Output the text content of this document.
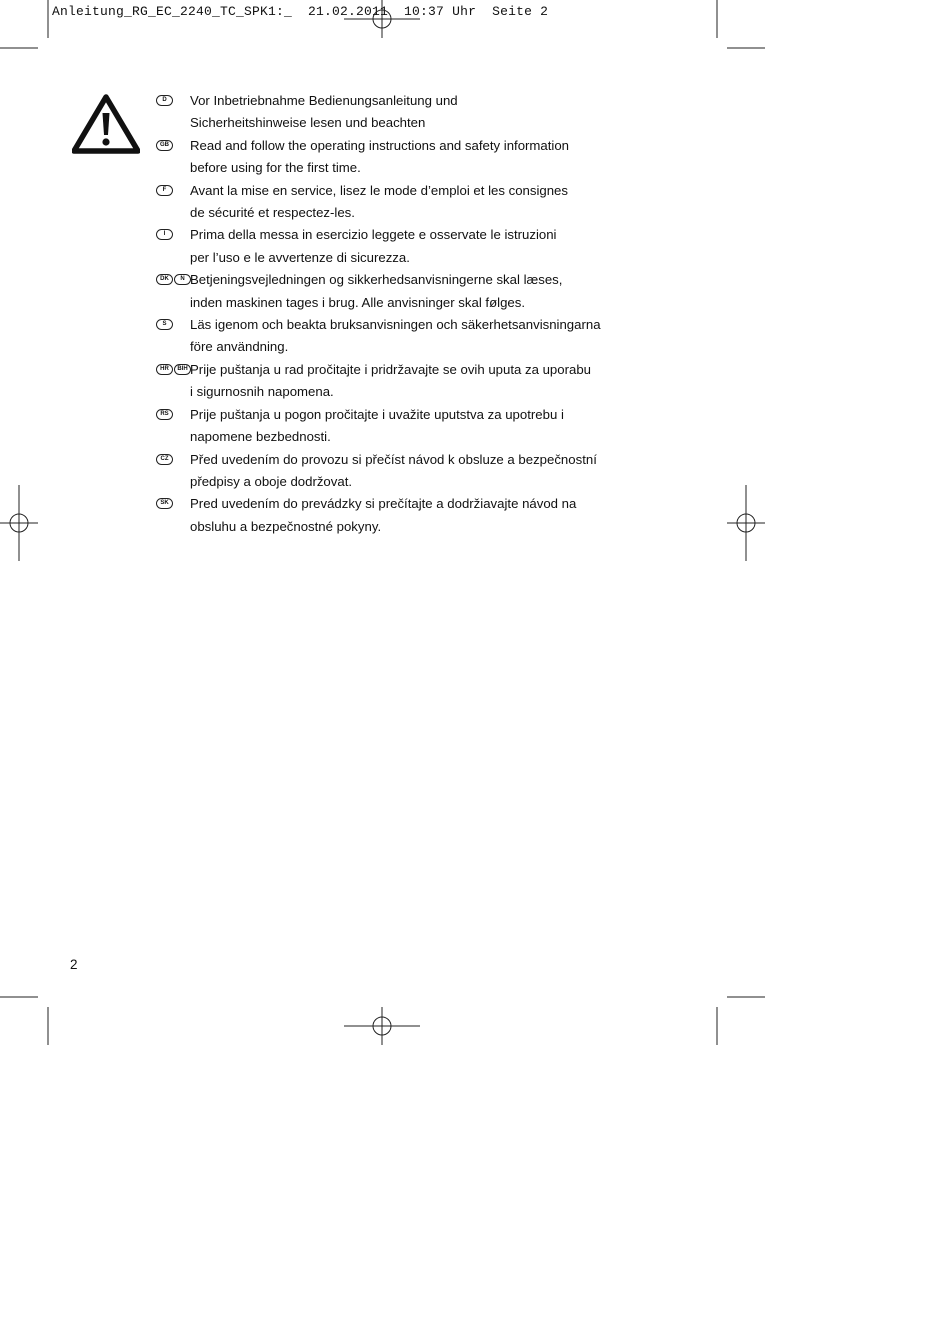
Anleitung_RG_EC_2240_TC_SPK1:_  21.02.2011  10:37 Uhr  Seite 2
D	Vor Inbetriebnahme Bedienungsanleitung und
Sicherheitshinweise lesen und beachten
GB	Read and follow the operating instructions and safety information
before using for the first time.
F	Avant la mise en service, lisez le mode d’emploi et les consignes
de sécurité et respectez-les.
I	Prima della messa in esercizio leggete e osservate le istruzioni
per l’uso e le avvertenze di sicurezza.
DK	N Betjeningsvejledningen og sikkerhedsanvisningerne skal læses,
inden maskinen tages i brug. Alle anvisninger skal følges.
S	Läs igenom och beakta bruksanvisningen och säkerhetsanvisningarna
före användning.
HR	BIH Prije puštanja u rad pročitajte i pridržavajte se ovih uputa za uporabu
i sigurnosnih napomena.
RS	Prije puštanja u pogon pročitajte i uvažite uputstva za upotrebu i
napomene bezbednosti.
CZ	Před uvedením do provozu si přečíst návod k obsluze a bezpečnostní
předpisy a oboje dodržovat.
SK	Pred uvedením do prevádzky si prečítajte a dodržiavajte návod na
obsluhu a bezpečnostné pokyny.
2
